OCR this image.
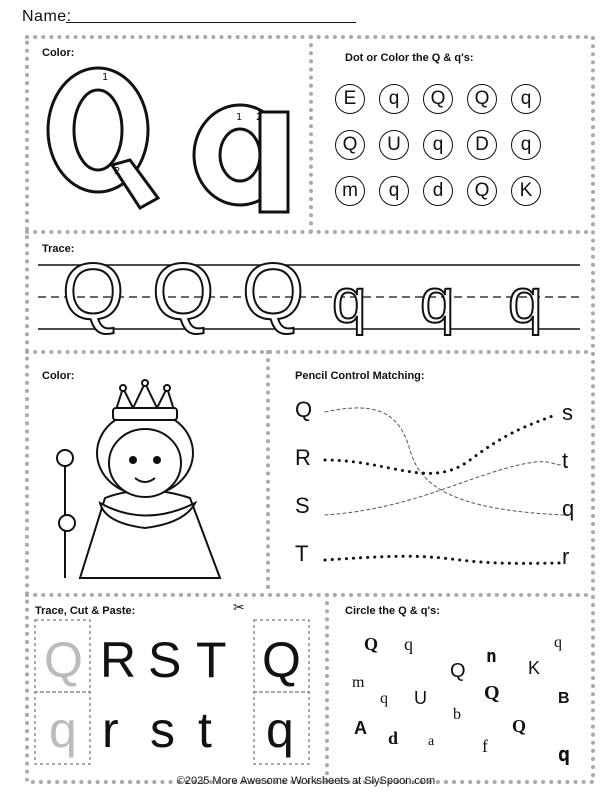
Name:
Color:
1
2
1 2
Dot or Color the Q & q's:
E	q	Q	Q	q
Q	U	q	D	q
m	q	d	Q	K
Trace:
Q Q Q q q q
Color:	Pencil Control Matching:
Q
R
S
T
s
t
q
r
Trace, Cut & Paste:	✂
Q
q
R S T
r s t
Q
q
Circle the Q & q's:
Q q
n
q
m
Q	K
q U	Q	B
b
A d a	f
Q
q
©2025 More Awesome Worksheets at SlySpoon.com
